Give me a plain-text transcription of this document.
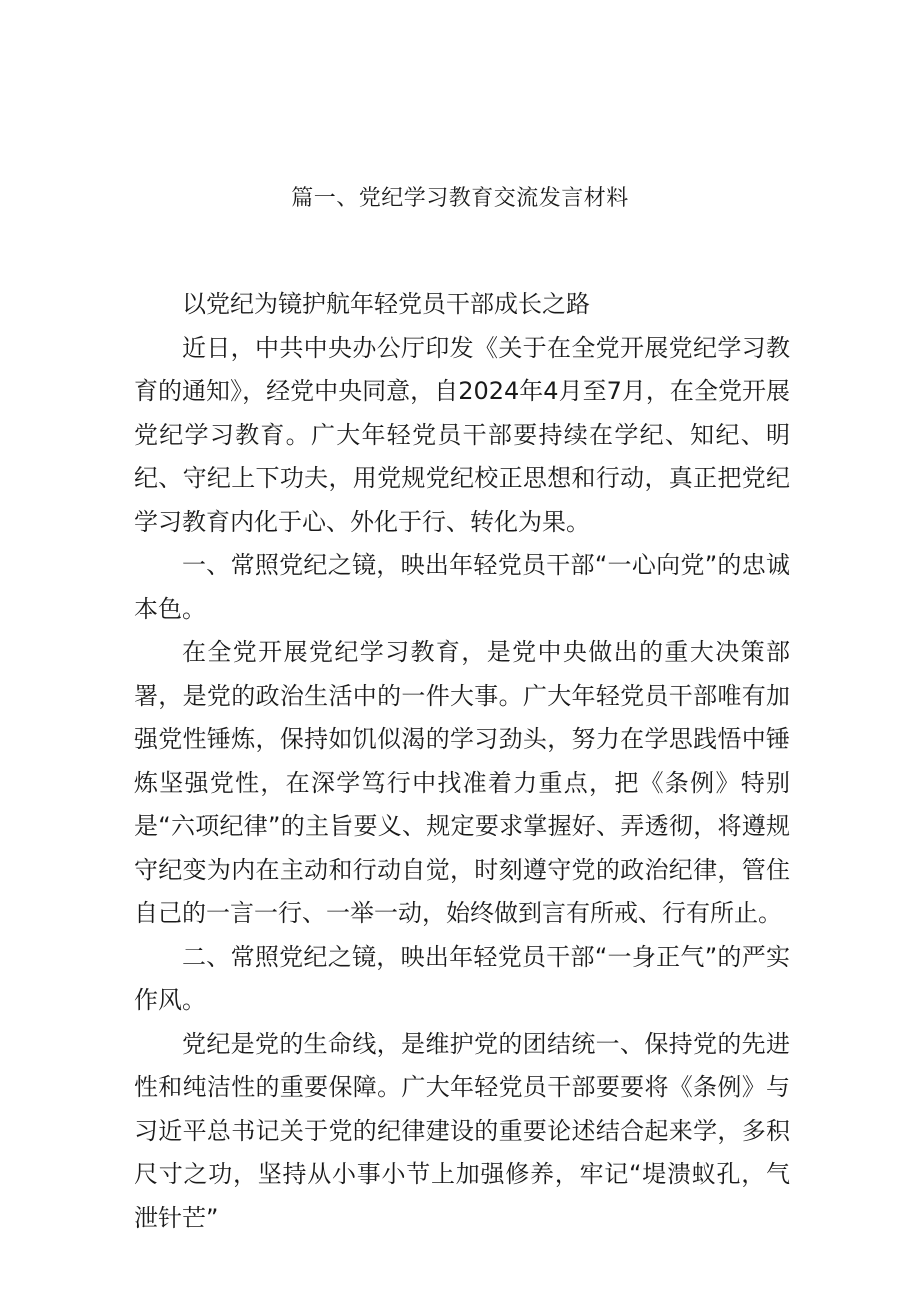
篇一、党纪学习教育交流发言材料

以党纪为镜护航年轻党员干部成长之路

近日，中共中央办公厅印发《关于在全党开展党纪学习教育的通知》，经党中央同意，自2024年4月至7月，在全党开展党纪学习教育。广大年轻党员干部要持续在学纪、知纪、明纪、守纪上下功夫，用党规党纪校正思想和行动，真正把党纪学习教育内化于心、外化于行、转化为果。

一、常照党纪之镜，映出年轻党员干部“一心向党”的忠诚本色。

在全党开展党纪学习教育，是党中央做出的重大决策部署，是党的政治生活中的一件大事。广大年轻党员干部唯有加强党性锤炼，保持如饥似渴的学习劲头，努力在学思践悟中锤炼坚强党性，在深学笃行中找准着力重点，把《条例》特别是“六项纪律”的主旨要义、规定要求掌握好、弄透彻，将遵规守纪变为内在主动和行动自觉，时刻遵守党的政治纪律，管住自己的一言一行、一举一动，始终做到言有所戒、行有所止。

二、常照党纪之镜，映出年轻党员干部“一身正气”的严实作风。

党纪是党的生命线，是维护党的团结统一、保持党的先进性和纯洁性的重要保障。广大年轻党员干部要要将《条例》与习近平总书记关于党的纪律建设的重要论述结合起来学，多积尺寸之功，坚持从小事小节上加强修养，牢记“堤溃蚁孔，气泄针芒”
